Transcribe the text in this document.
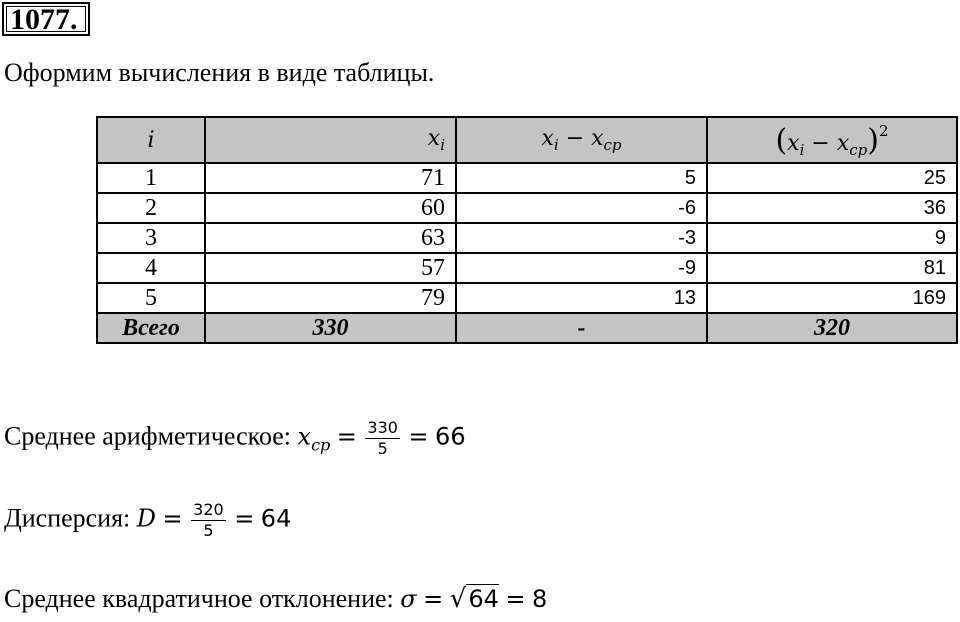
1077.
Оформим вычисления в виде таблицы.
i	$x_i$	$x_i - x_{cp}$	$(x_i - x_{cp})^2$
1	71	5	25
2	60	-6	36
3	63	-3	9
4	57	-9	81
5	79	13	169
Всего	330	-	320
Среднее арифметическое: $x_{cp} = \frac{330}{5} = 66$
Дисперсия: $D = \frac{320}{5} = 64$
Среднее квадратичное отклонение: σ = √64 = 8
